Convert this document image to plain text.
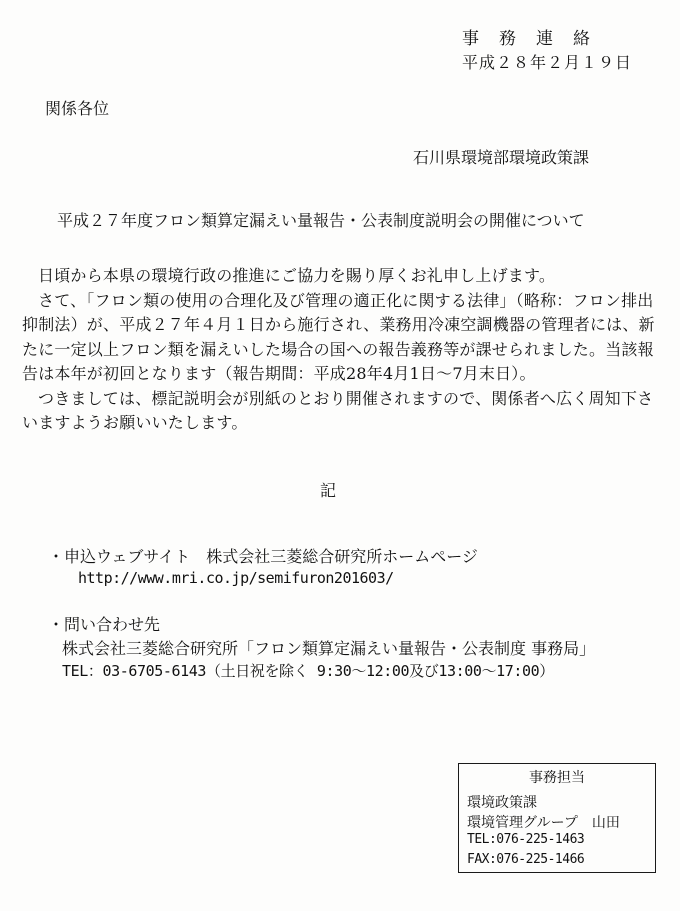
事務連絡
平成２８年２月１９日
関係各位
石川県環境部環境政策課
平成２７年度フロン類算定漏えい量報告・公表制度説明会の開催について

日頃から本県の環境行政の推進にご協力を賜り厚くお礼申し上げます。

さて、「フロン類の使用の合理化及び管理の適正化に関する法律」（略称：フロン排出抑制法）が、平成２７年４月１日から施行され、業務用冷凍空調機器の管理者には、新たに一定以上フロン類を漏えいした場合の国への報告義務等が課せられました。当該報告は本年が初回となります（報告期間：平成28年4月1日～7月末日）。

つきましては、標記説明会が別紙のとおり開催されますので、関係者へ広く周知下さいますようお願いいたします。

記
・申込ウェブサイト　株式会社三菱総合研究所ホームページ
http://www.mri.co.jp/semifuron201603/
・問い合わせ先
株式会社三菱総合研究所「フロン類算定漏えい量報告・公表制度 事務局」
TEL：03-6705-6143（土日祝を除く 9:30～12:00及び13:00～17:00）
事務担当
環境政策課
環境管理グループ　山田
TEL:076-225-1463
FAX:076-225-1466
